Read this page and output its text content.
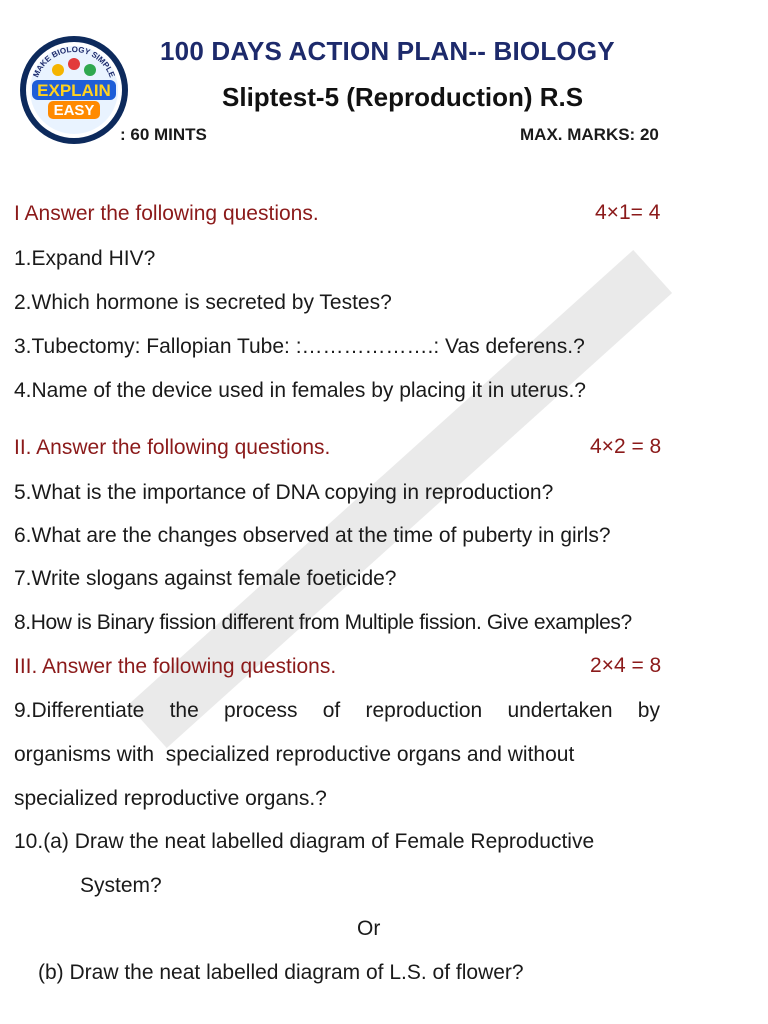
MAKE BIOLOGY SIMPLE
EXPLAIN
EASY
100 DAYS ACTION PLAN-- BIOLOGY
Sliptest-5 (Reproduction) R.S
: 60 MINTS	MAX. MARKS: 20
I Answer the following questions.	4×1= 4
1.Expand HIV?
2.Which hormone is secreted by Testes?
3.Tubectomy: Fallopian Tube: :……………….: Vas deferens.?
4.Name of the device used in females by placing it in uterus.?
II. Answer the following questions.	4×2 = 8
5.What is the importance of DNA copying in reproduction?
6.What are the changes observed at the time of puberty in girls?
7.Write slogans against female foeticide?
8.How is Binary fission different from Multiple fission. Give examples?
III. Answer the following questions.	2×4 = 8
9.Differentiate the process of reproduction undertaken by
organisms with  specialized reproductive organs and without
specialized reproductive organs.?
10.(a) Draw the neat labelled diagram of Female Reproductive
System?
Or
(b) Draw the neat labelled diagram of L.S. of flower?
